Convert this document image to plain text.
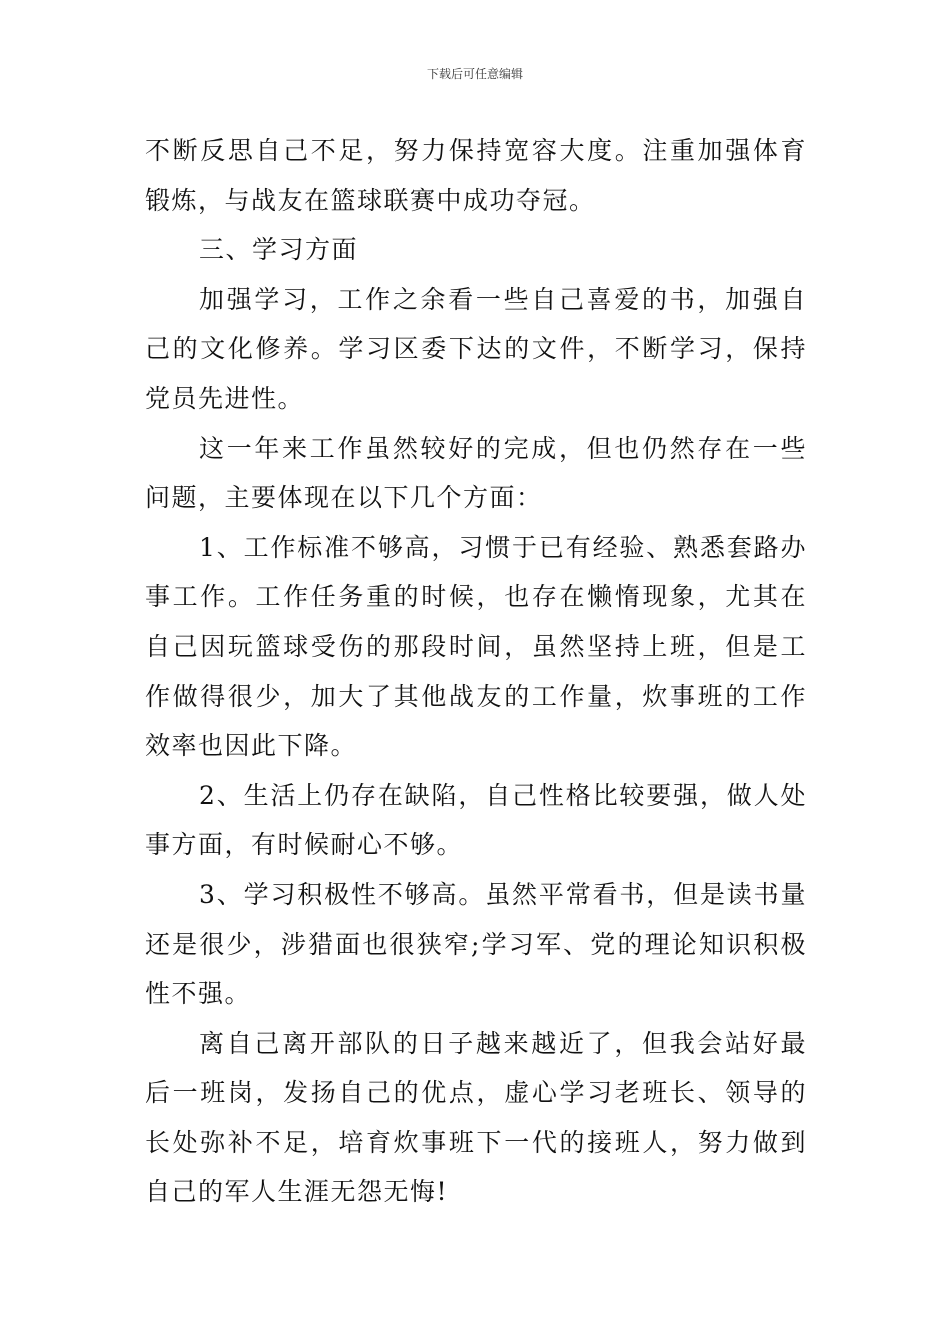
下载后可任意编辑

不断反思自己不足，努力保持宽容大度。注重加强体育锻炼，与战友在篮球联赛中成功夺冠。

三、学习方面

加强学习，工作之余看一些自己喜爱的书，加强自己的文化修养。学习区委下达的文件，不断学习，保持党员先进性。

这一年来工作虽然较好的完成，但也仍然存在一些问题，主要体现在以下几个方面：

1、工作标准不够高，习惯于已有经验、熟悉套路办事工作。工作任务重的时候，也存在懒惰现象，尤其在自己因玩篮球受伤的那段时间，虽然坚持上班，但是工作做得很少，加大了其他战友的工作量，炊事班的工作效率也因此下降。

2、生活上仍存在缺陷，自己性格比较要强，做人处事方面，有时候耐心不够。

3、学习积极性不够高。虽然平常看书，但是读书量还是很少，涉猎面也很狭窄;学习军、党的理论知识积极性不强。

离自己离开部队的日子越来越近了，但我会站好最后一班岗，发扬自己的优点，虚心学习老班长、领导的长处弥补不足，培育炊事班下一代的接班人，努力做到自己的军人生涯无怨无悔!
